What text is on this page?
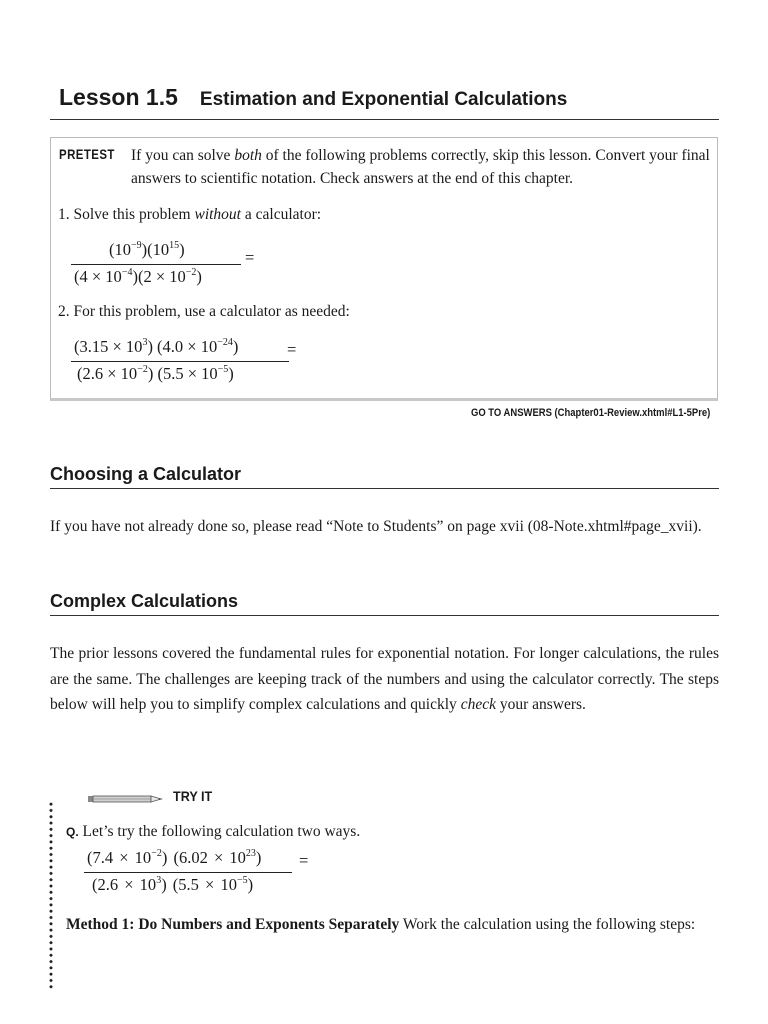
Lesson 1.5 Estimation and Exponential Calculations
PRETEST If you can solve both of the following problems correctly, skip this lesson. Convert your final answers to scientific notation. Check answers at the end of this chapter.
1. Solve this problem without a calculator:
$(10^{-9})(10^{15})$
$(4 \times 10^{-4})(2 \times 10^{-2})$
=
2. For this problem, use a calculator as needed:
$(3.15 \times 10^3)$ $(4.0 \times 10^{-24})$
$(2.6 \times 10^{-2})$ $(5.5 \times 10^{-5})$
=
GO TO ANSWERS (Chapter01-Review.xhtml#L1-5Pre)
Choosing a Calculator
If you have not already done so, please read “Note to Students” on page xvii (08-Note.xhtml#page_xvii).
Complex Calculations
The prior lessons covered the fundamental rules for exponential notation. For longer calculations, the rules are the same. The challenges are keeping track of the numbers and using the calculator correctly. The steps below will help you to simplify complex calculations and quickly check your answers.
TRY IT
Q. Let’s try the following calculation two ways.
$(7.4 \times 10^{-2})$ $(6.02 \times 10^{23})$
$(2.6 \times 10^3)$ $(5.5 \times 10^{-5})$
=
Method 1: Do Numbers and Exponents Separately Work the calculation using the following steps:
